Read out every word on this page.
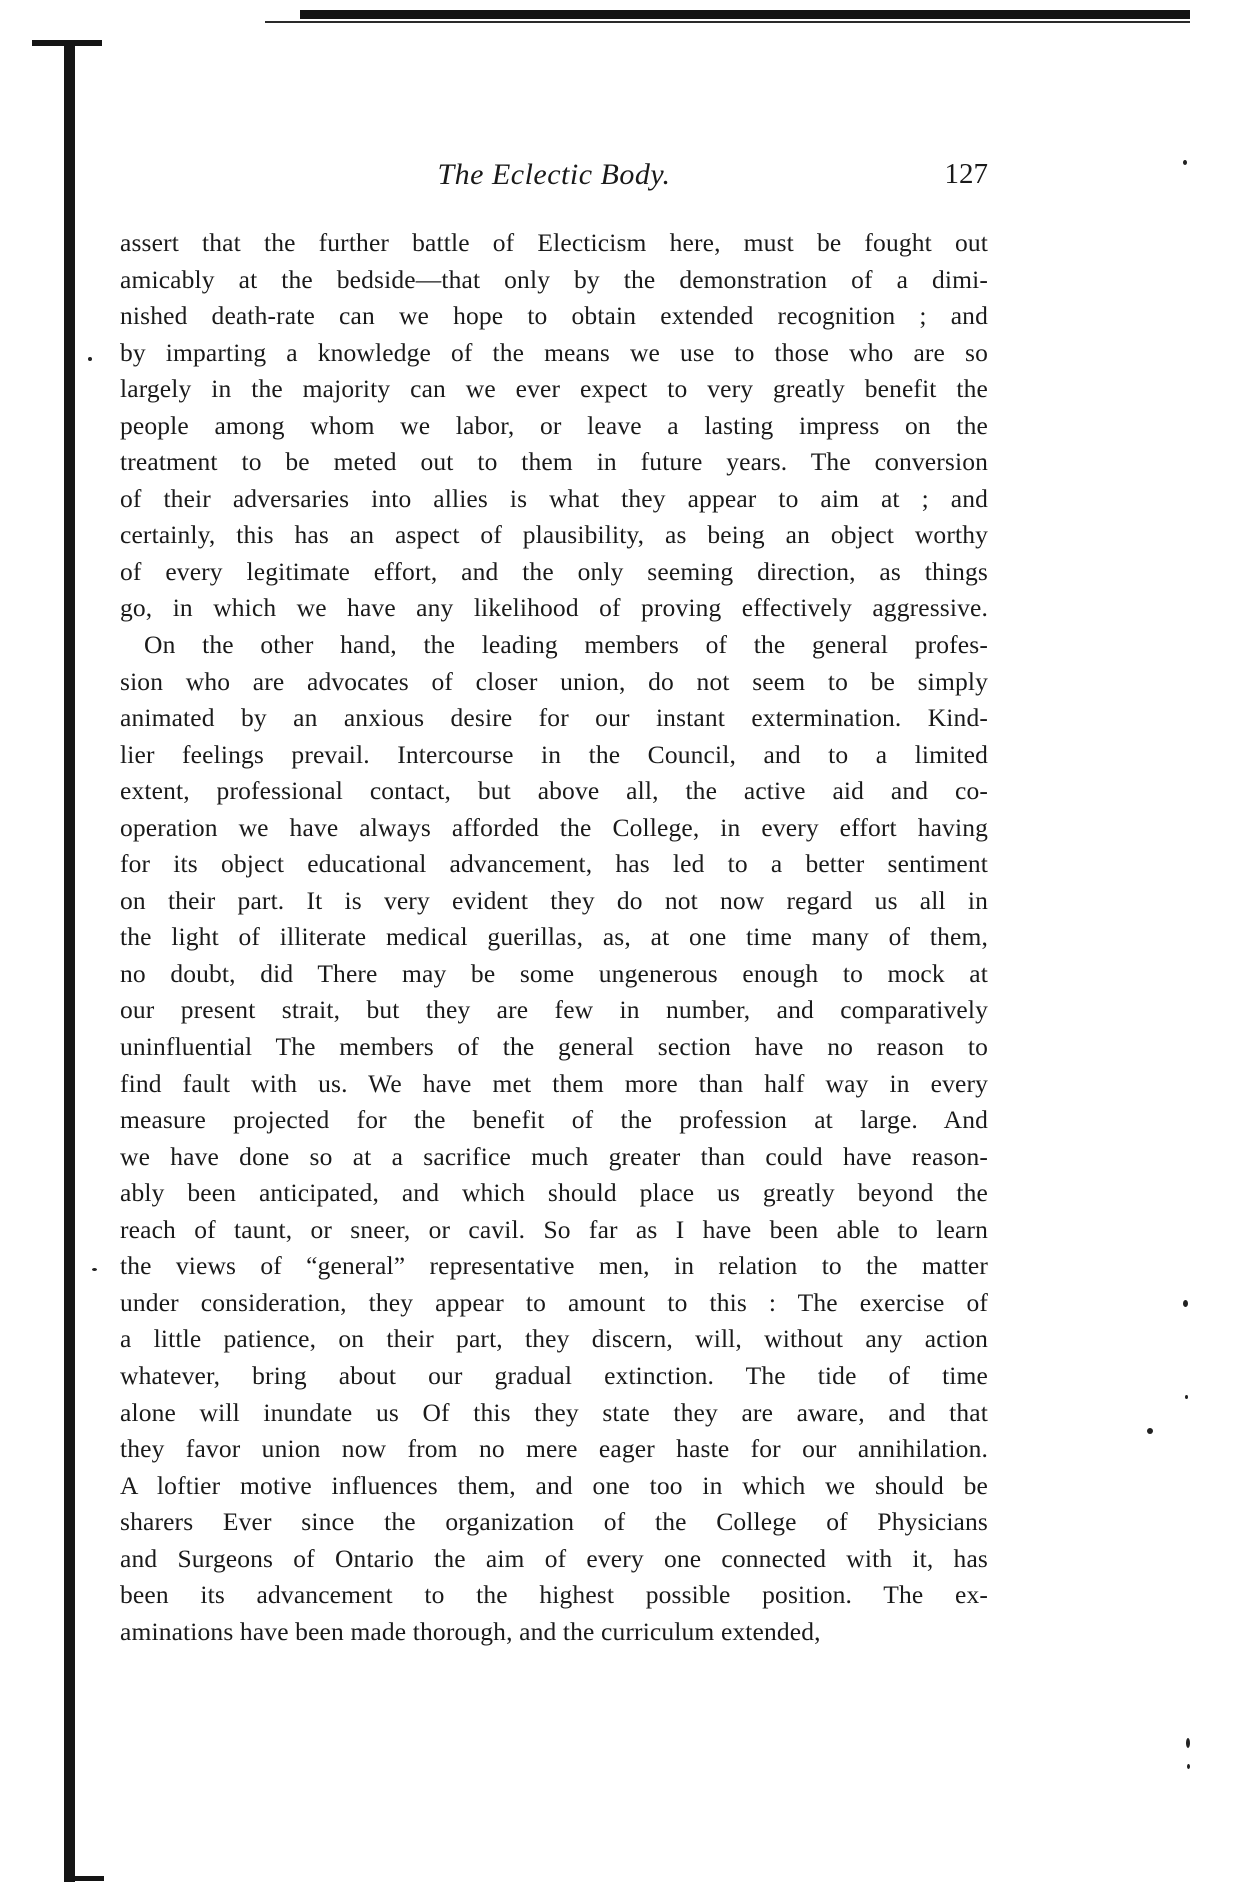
The Eclectic Body.	127
assert that the further battle of Electicism here, must be fought out
amicably at the bedside—that only by the demonstration of a dimi-
nished death-rate can we hope to obtain extended recognition ; and
by imparting a knowledge of the means we use to those who are so
largely in the majority can we ever expect to very greatly benefit the
people among whom we labor, or leave a lasting impress on the
treatment to be meted out to them in future years. The conversion
of their adversaries into allies is what they appear to aim at ; and
certainly, this has an aspect of plausibility, as being an object worthy
of every legitimate effort, and the only seeming direction, as things
go, in which we have any likelihood of proving effectively aggressive.
On the other hand, the leading members of the general profes-
sion who are advocates of closer union, do not seem to be simply
animated by an anxious desire for our instant extermination. Kind-
lier feelings prevail. Intercourse in the Council, and to a limited
extent, professional contact, but above all, the active aid and co-
operation we have always afforded the College, in every effort having
for its object educational advancement, has led to a better sentiment
on their part. It is very evident they do not now regard us all in
the light of illiterate medical guerillas, as, at one time many of them,
no doubt, did There may be some ungenerous enough to mock at
our present strait, but they are few in number, and comparatively
uninfluential The members of the general section have no reason to
find fault with us. We have met them more than half way in every
measure projected for the benefit of the profession at large. And
we have done so at a sacrifice much greater than could have reason-
ably been anticipated, and which should place us greatly beyond the
reach of taunt, or sneer, or cavil. So far as I have been able to learn
the views of “general” representative men, in relation to the matter
under consideration, they appear to amount to this : The exercise of
a little patience, on their part, they discern, will, without any action
whatever, bring about our gradual extinction. The tide of time
alone will inundate us Of this they state they are aware, and that
they favor union now from no mere eager haste for our annihilation.
A loftier motive influences them, and one too in which we should be
sharers Ever since the organization of the College of Physicians
and Surgeons of Ontario the aim of every one connected with it, has
been its advancement to the highest possible position. The ex-
aminations have been made thorough, and the curriculum extended,
